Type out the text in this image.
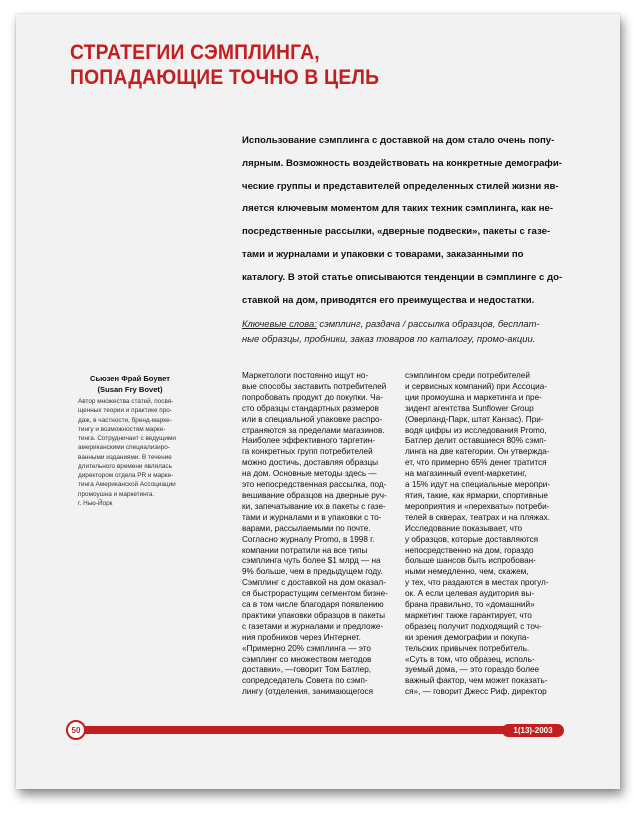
СТРАТЕГИИ СЭМПЛИНГА,
ПОПАДАЮЩИЕ ТОЧНО В ЦЕЛЬ
Использование сэмплинга с доставкой на дом стало очень попу-
лярным. Возможность воздействовать на конкретные демографи-
ческие группы и представителей определенных стилей жизни яв-
ляется ключевым моментом для таких техник сэмплинга, как не-
посредственные рассылки, «дверные подвески», пакеты с газе-
тами и журналами и упаковки с товарами, заказанными по
каталогу. В этой статье описываются тенденции в сэмплинге с до-
ставкой на дом, приводятся его преимущества и недостатки.
Ключевые слова: сэмплинг, раздача / рассылка образцов, бесплат-
ные образцы, пробники, заказ товаров по каталогу, промо-акции.
Сьюзен Фрай Боувет
(Susan Fry Bovet)
Автор множества статей, посвя-
щенных теории и практике про-
даж, в частности, бренд-марке-
тингу и возможностям марке-
тинга. Сотрудничает с ведущими
американскими специализиро-
ванными изданиями. В течение
длительного времени являлась
директором отдела PR и марке-
тинга Американской Ассоциации
промоушна и маркетинга.
г. Нью-Йорк
Маркетологи постоянно ищут но-
вые способы заставить потребителей
попробовать продукт до покупки. Ча-
сто образцы стандартных размеров
или в специальной упаковке распро-
страняются за пределами магазинов.
Наиболее эффективного таргетин-
га конкретных групп потребителей
можно достичь, доставляя образцы
на дом. Основные методы здесь —
это непосредственная рассылка, под-
вешивание образцов на дверные руч-
ки, запечатывание их в пакеты с газе-
тами и журналами и в упаковки с то-
варами, рассылаемыми по почте.
Согласно журналу Promo, в 1998 г.
компании потратили на все типы
сэмплинга чуть более $1 млрд — на
9% больше, чем в предыдущем году.
Сэмплинг с доставкой на дом оказал-
ся быстрорастущим сегментом бизне-
са в том числе благодаря появлению
практики упаковки образцов в пакеты
с газетами и журналами и предложе-
ния пробников через Интернет.
«Примерно 20% сэмплинга — это
сэмплинг со множеством методов
доставки», —говорит Том Батлер,
сопредседатель Совета по сэмп-
лингу (отделения, занимающегося
сэмплингом среди потребителей
и сервисных компаний) при Ассоциа-
ции промоушна и маркетинга и пре-
зидент агентства Sunflower Group
(Оверланд-Парк, штат Канзас). При-
водя цифры из исследования Promo,
Батлер делит оставшиеся 80% сэмп-
линга на две категории. Он утверждa-
ет, что примерно 65% денег тратится
на магазинный event-маркетинг,
а 15% идут на специальные меропри-
ятия, такие, как ярмарки, спортивные
мероприятия и «перехваты» потреби-
телей в скверах, театрах и на пляжах.
Исследование показывает, что
у образцов, которые доставляются
непосредственно на дом, гораздо
больше шансов быть испробован-
ными немедленно, чем, скажем,
у тех, что раздаются в местах прогул-
ок. А если целевая аудитория вы-
брана правильно, то «домашний»
маркетинг также гарантирует, что
образец получит подходящий с точ-
ки зрения демографии и покупа-
тельских привычек потребитель.
«Суть в том, что образец, исполь-
зуемый дома, — это гораздо более
важный фактор, чем может показать-
ся», — говорит Джесс Риф, директор
50	1(13)-2003
